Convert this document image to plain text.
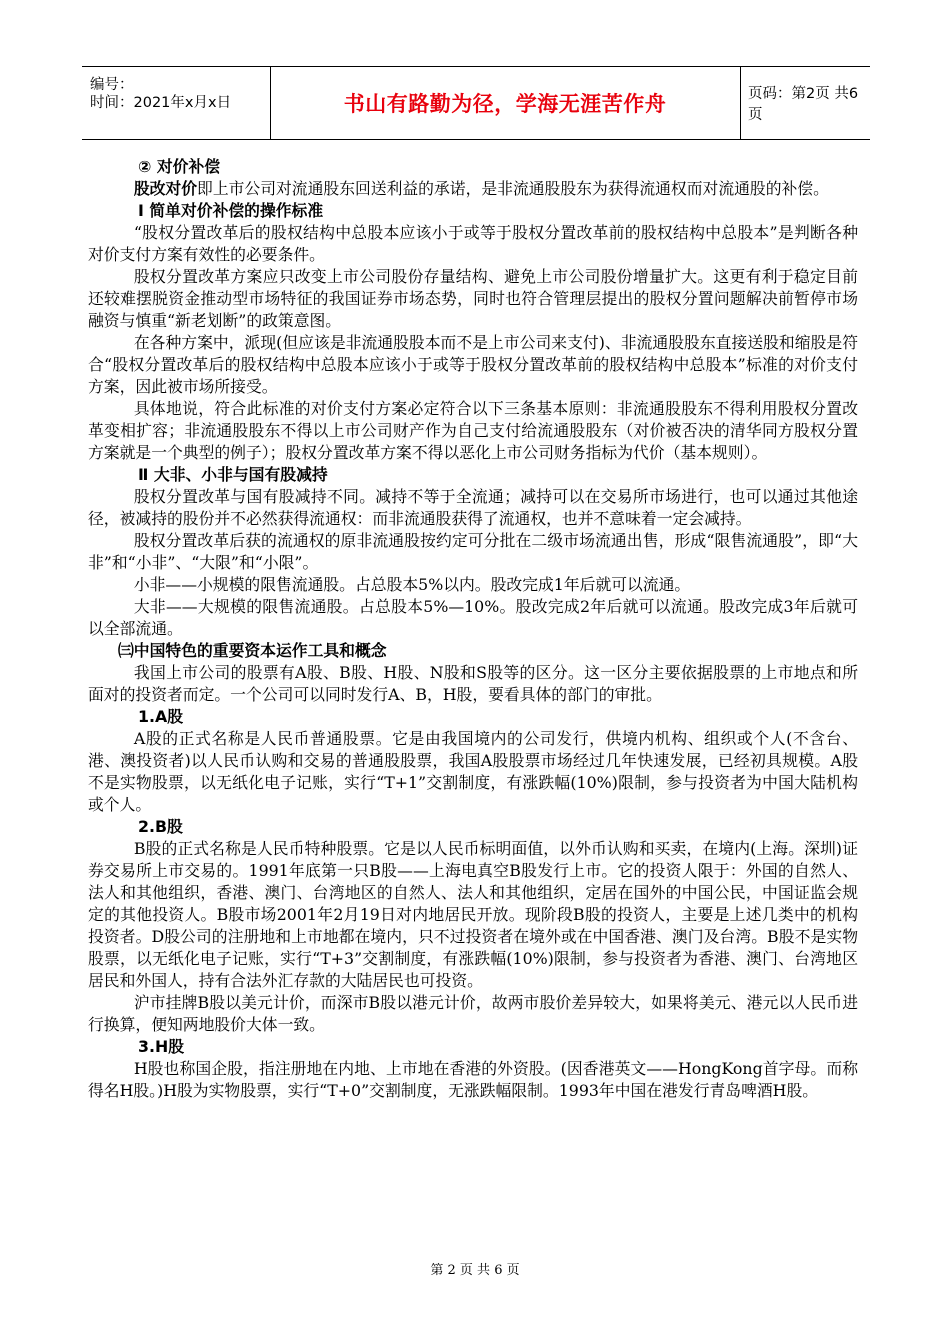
编号：
时间：2021年x月x日	书山有路勤为径，学海无涯苦作舟	页码：第2页 共6页

② 对价补偿

股改对价即上市公司对流通股东回送利益的承诺，是非流通股股东为获得流通权而对流通股的补偿。

Ⅰ 简单对价补偿的操作标准

“股权分置改革后的股权结构中总股本应该小于或等于股权分置改革前的股权结构中总股本”是判断各种对价支付方案有效性的必要条件。

股权分置改革方案应只改变上市公司股份存量结构、避免上市公司股份增量扩大。这更有利于稳定目前还较难摆脱资金推动型市场特征的我国证券市场态势，同时也符合管理层提出的股权分置问题解决前暂停市场融资与慎重“新老划断”的政策意图。

在各种方案中，派现(但应该是非流通股股本而不是上市公司来支付)、非流通股股东直接送股和缩股是符合“股权分置改革后的股权结构中总股本应该小于或等于股权分置改革前的股权结构中总股本”标准的对价支付方案，因此被市场所接受。

具体地说，符合此标准的对价支付方案必定符合以下三条基本原则：非流通股股东不得利用股权分置改革变相扩容；非流通股股东不得以上市公司财产作为自己支付给流通股股东（对价被否决的清华同方股权分置方案就是一个典型的例子）；股权分置改革方案不得以恶化上市公司财务指标为代价（基本规则）。

Ⅱ 大非、小非与国有股减持

股权分置改革与国有股减持不同。减持不等于全流通；减持可以在交易所市场进行，也可以通过其他途径，被减持的股份并不必然获得流通权：而非流通股获得了流通权，也并不意味着一定会减持。

股权分置改革后获的流通权的原非流通股按约定可分批在二级市场流通出售，形成“限售流通股”，即“大非”和“小非”、“大限”和“小限”。

小非——小规模的限售流通股。占总股本5%以内。股改完成1年后就可以流通。

大非——大规模的限售流通股。占总股本5%—10%。股改完成2年后就可以流通。股改完成3年后就可以全部流通。

㈢中国特色的重要资本运作工具和概念

我国上市公司的股票有A股、B股、H股、N股和S股等的区分。这一区分主要依据股票的上市地点和所面对的投资者而定。一个公司可以同时发行A、B，H股，要看具体的部门的审批。

1.A股

A股的正式名称是人民币普通股票。它是由我国境内的公司发行，供境内机构、组织或个人(不含台、港、澳投资者)以人民币认购和交易的普通股股票，我国A股股票市场经过几年快速发展，已经初具规模。A股不是实物股票，以无纸化电子记账，实行“T+1”交割制度，有涨跌幅(10%)限制，参与投资者为中国大陆机构或个人。

2.B股

B股的正式名称是人民币特种股票。它是以人民币标明面值，以外币认购和买卖，在境内(上海。深圳)证券交易所上市交易的。1991年底第一只B股——上海电真空B股发行上市。它的投资人限于：外国的自然人、法人和其他组织，香港、澳门、台湾地区的自然人、法人和其他组织，定居在国外的中国公民，中国证监会规定的其他投资人。B股市场2001年2月19日对内地居民开放。现阶段B股的投资人，主要是上述几类中的机构投资者。D股公司的注册地和上市地都在境内，只不过投资者在境外或在中国香港、澳门及台湾。B股不是实物股票，以无纸化电子记账，实行“T+3”交割制度，有涨跌幅(10%)限制，参与投资者为香港、澳门、台湾地区居民和外国人，持有合法外汇存款的大陆居民也可投资。

沪市挂牌B股以美元计价，而深市B股以港元计价，故两市股价差异较大，如果将美元、港元以人民币进行换算，便知两地股价大体一致。

3.H股

H股也称国企股，指注册地在内地、上市地在香港的外资股。(因香港英文——HongKong首字母。而称得名H股。)H股为实物股票，实行“T+0”交割制度，无涨跌幅限制。1993年中国在港发行青岛啤酒H股。

第 2 页 共 6 页
